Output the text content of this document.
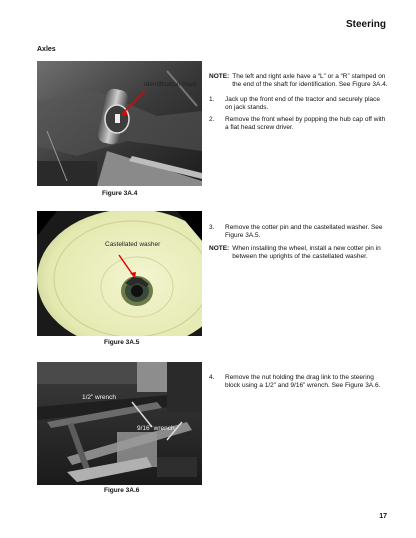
Steering
Axles
Identification mark
Figure 3A.4
NOTE: The left and right axle have a “L” or a “R” stamped on the end of the shaft for identification. See Figure 3A.4.
1.	Jack up the front end of the tractor and securely place on jack stands.
2.	Remove the front wheel by popping the hub cap off with a flat head screw driver.
Castellated washer
Figure 3A.5
3.	Remove the cotter pin and the castellated washer. See Figure 3A.5.
NOTE: When installing the wheel, install a new cotter pin in between the uprights of the castellated washer.
1/2” wrench
9/16” wrench
Figure 3A.6
4.	Remove the nut holding the drag link to the steering block using a 1/2” and 9/16” wrench. See Figure 3A.6.
17
